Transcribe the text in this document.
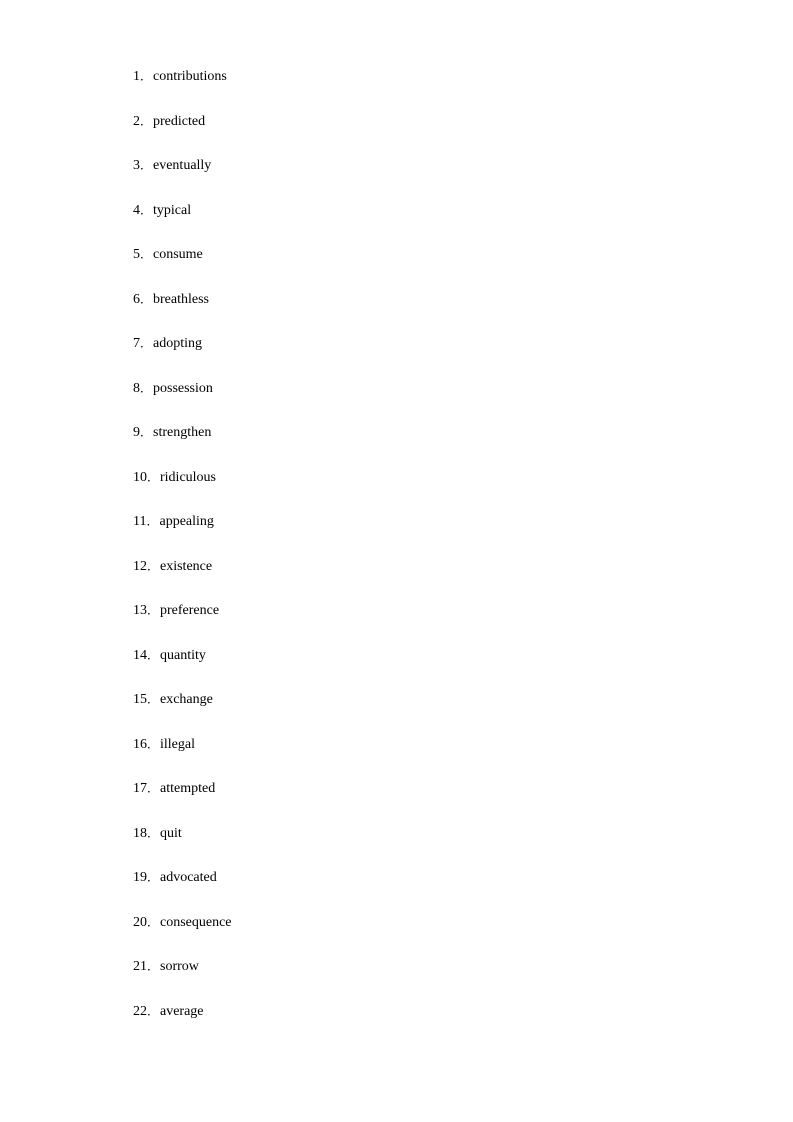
1．contributions
2．predicted
3．eventually
4．typical
5．consume
6．breathless
7．adopting
8．possession
9．strengthen
10．ridiculous
11．appealing
12．existence
13．preference
14．quantity
15．exchange
16．illegal
17．attempted
18．quit
19．advocated
20．consequence
21．sorrow
22．average
